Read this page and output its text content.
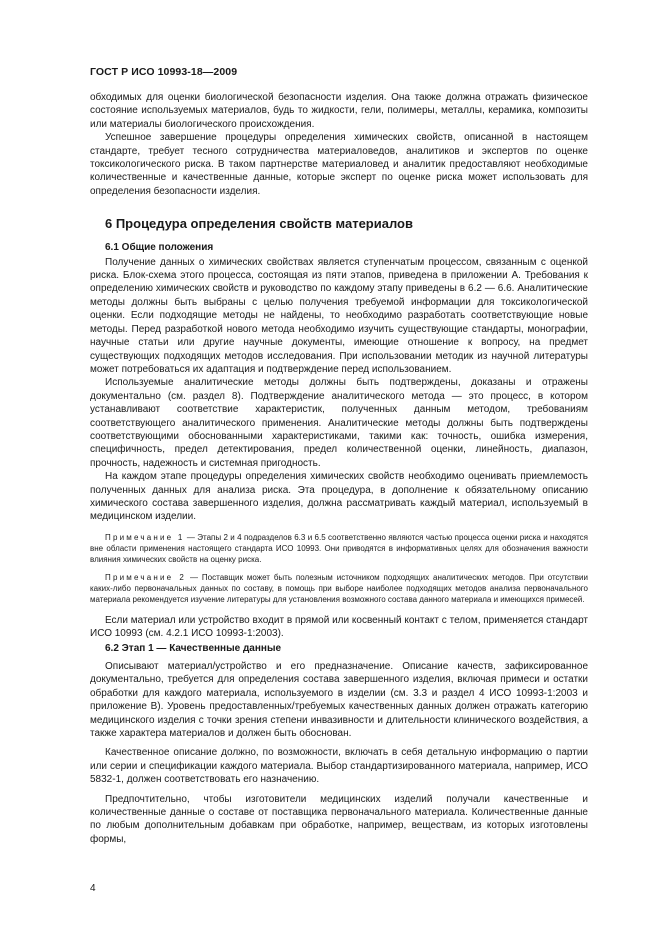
ГОСТ Р ИСО 10993-18—2009

обходимых для оценки биологической безопасности изделия. Она также должна отражать физическое состояние используемых материалов, будь то жидкости, гели, полимеры, металлы, керамика, композиты или материалы биологического происхождения.

Успешное завершение процедуры определения химических свойств, описанной в настоящем стандарте, требует тесного сотрудничества материаловедов, аналитиков и экспертов по оценке токсикологического риска. В таком партнерстве материаловед и аналитик предоставляют необходимые количественные и качественные данные, которые эксперт по оценке риска может использовать для определения безопасности изделия.

6 Процедура определения свойств материалов
6.1 Общие положения

Получение данных о химических свойствах является ступенчатым процессом, связанным с оценкой риска. Блок-схема этого процесса, состоящая из пяти этапов, приведена в приложении А. Требования к определению химических свойств и руководство по каждому этапу приведены в 6.2 — 6.6. Аналитические методы должны быть выбраны с целью получения требуемой информации для токсикологической оценки. Если подходящие методы не найдены, то необходимо разработать соответствующие новые методы. Перед разработкой нового метода необходимо изучить существующие стандарты, монографии, научные статьи или другие научные документы, имеющие отношение к вопросу, на предмет существующих подходящих методов исследования. При использовании методик из научной литературы может потребоваться их адаптация и подтверждение перед использованием.

Используемые аналитические методы должны быть подтверждены, доказаны и отражены документально (см. раздел 8). Подтверждение аналитического метода — это процесс, в котором устанавливают соответствие характеристик, полученных данным методом, требованиям соответствующего аналитического применения. Аналитические методы должны быть подтверждены соответствующими обоснованными характеристиками, такими как: точность, ошибка измерения, специфичность, предел детектирования, предел количественной оценки, линейность, диапазон, прочность, надежность и системная пригодность.

На каждом этапе процедуры определения химических свойств необходимо оценивать приемлемость полученных данных для анализа риска. Эта процедура, в дополнение к обязательному описанию химического состава завершенного изделия, должна рассматривать каждый материал, используемый в медицинском изделии.

Примечание 1 — Этапы 2 и 4 подразделов 6.3 и 6.5 соответственно являются частью процесса оценки риска и находятся вне области применения настоящего стандарта ИСО 10993. Они приводятся в информативных целях для обозначения важности влияния химических свойств на оценку риска.

Примечание 2 — Поставщик может быть полезным источником подходящих аналитических методов. При отсутствии каких-либо первоначальных данных по составу, в помощь при выборе наиболее подходящих методов анализа первоначального материала рекомендуется изучение литературы для установления возможного состава данного материала и имеющихся примесей.

Если материал или устройство входит в прямой или косвенный контакт с телом, применяется стандарт ИСО 10993 (см. 4.2.1 ИСО 10993-1:2003).

6.2 Этап 1 — Качественные данные

Описывают материал/устройство и его предназначение. Описание качеств, зафиксированное документально, требуется для определения состава завершенного изделия, включая примеси и остатки обработки для каждого материала, используемого в изделии (см. 3.3 и раздел 4 ИСО 10993-1:2003 и приложение В). Уровень предоставленных/требуемых качественных данных должен отражать категорию медицинского изделия с точки зрения степени инвазивности и длительности клинического воздействия, а также характера материалов и должен быть обоснован.

Качественное описание должно, по возможности, включать в себя детальную информацию о партии или серии и спецификации каждого материала. Выбор стандартизированного материала, например, ИСО 5832-1, должен соответствовать его назначению.

Предпочтительно, чтобы изготовители медицинских изделий получали качественные и количественные данные о составе от поставщика первоначального материала. Количественные данные по любым дополнительным добавкам при обработке, например, веществам, из которых изготовлены формы,

4
